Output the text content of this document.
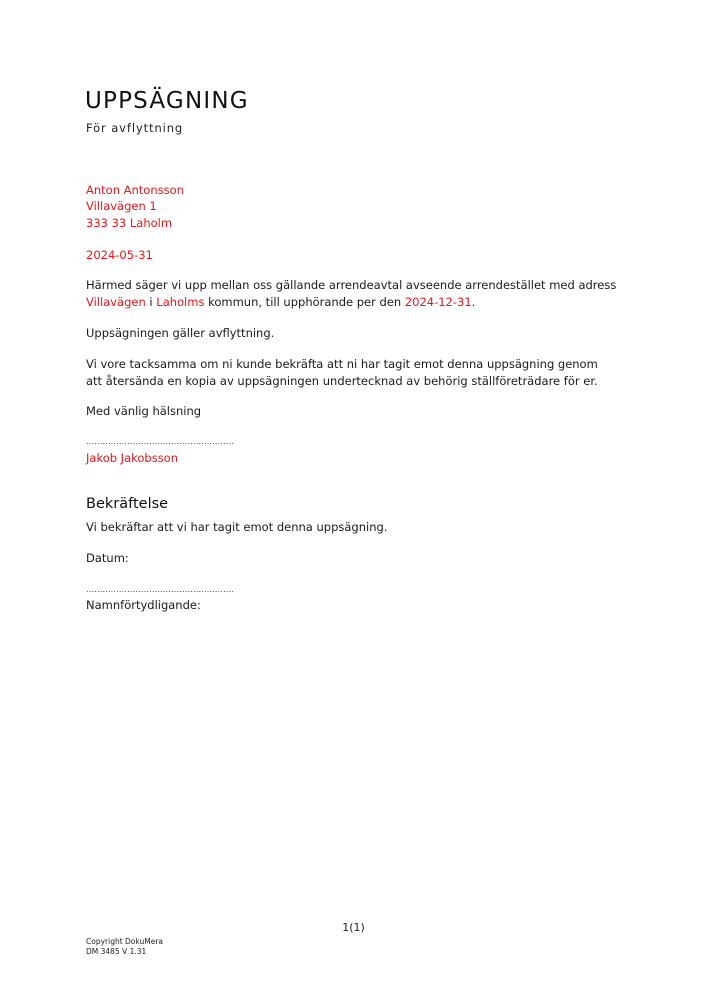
UPPSÄGNING
För avflyttning
Anton Antonsson
Villavägen 1
333 33 Laholm
2024-05-31
Härmed säger vi upp mellan oss gällande arrendeavtal avseende arrendestället med adress
Villavägen i Laholms kommun, till upphörande per den 2024-12-31.
Uppsägningen gäller avflyttning.
Vi vore tacksamma om ni kunde bekräfta att ni har tagit emot denna uppsägning genom att återsända en kopia av uppsägningen undertecknad av behörig ställföreträdare för er.
Med vänlig hälsning
......................................................
Jakob Jakobsson
Bekräftelse
Vi bekräftar att vi har tagit emot denna uppsägning.
Datum:
......................................................
Namnförtydligande:
1(1)
Copyright DokuMera
DM 3485 V 1.31
